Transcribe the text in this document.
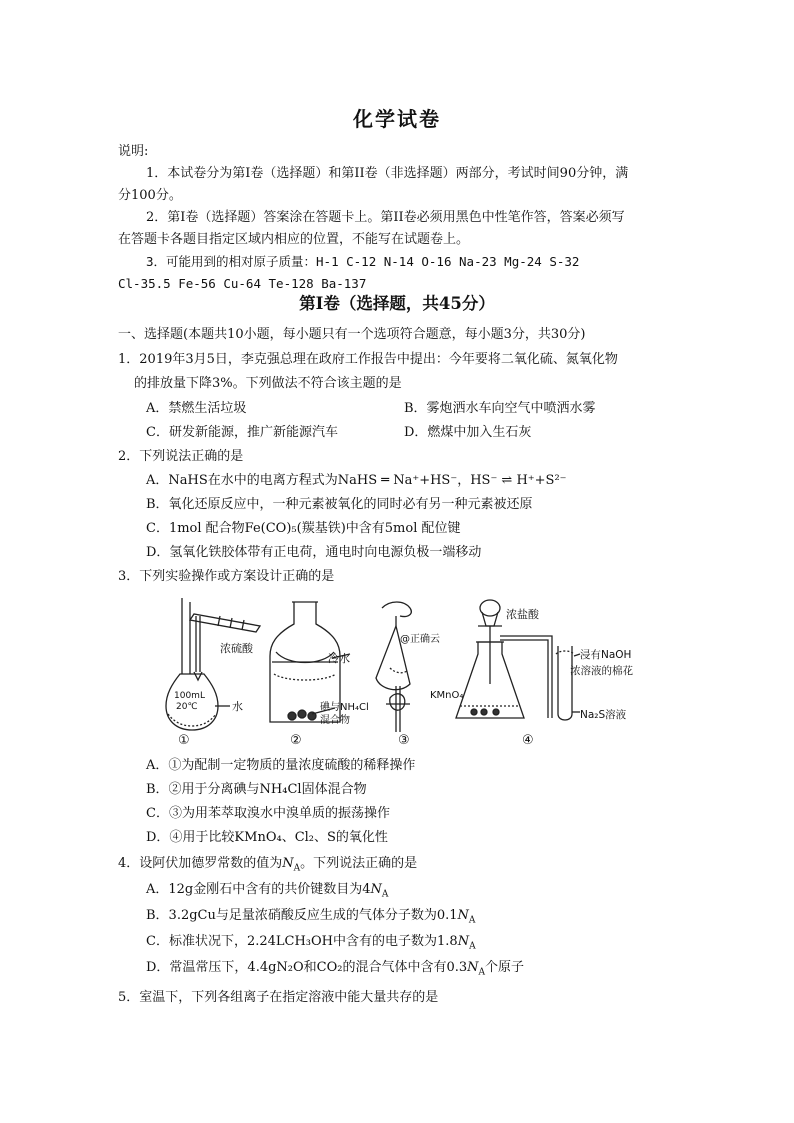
化学试卷
说明:
1．本试卷分为第Ⅰ卷（选择题）和第II卷（非选择题）两部分，考试时间90分钟，满
分100分。
2．第Ⅰ卷（选择题）答案涂在答题卡上。第II卷必须用黑色中性笔作答，答案必须写
在答题卡各题目指定区域内相应的位置，不能写在试题卷上。
3．可能用到的相对原子质量：H-1 C-12 N-14 O-16 Na-23 Mg-24 S-32
Cl-35.5 Fe-56 Cu-64 Te-128 Ba-137
第Ⅰ卷（选择题，共45分）
一、选择题(本题共10小题，每小题只有一个选项符合题意，每小题3分，共30分)
1．2019年3月5日，李克强总理在政府工作报告中提出：今年要将二氧化硫、氮氧化物
的排放量下降3%。下列做法不符合该主题的是
A．禁燃生活垃圾	B．雾炮洒水车向空气中喷洒水雾
C．研发新能源，推广新能源汽车	D．燃煤中加入生石灰
2．下列说法正确的是
A．NaHS在水中的电离方程式为NaHS ═ Na⁺+HS⁻，HS⁻ ⇌ H⁺+S²⁻
B．氧化还原反应中，一种元素被氧化的同时必有另一种元素被还原
C．1mol 配合物Fe(CO)₅(羰基铁)中含有5mol 配位键
D．氢氧化铁胶体带有正电荷，通电时向电源负极一端移动
3．下列实验操作或方案设计正确的是
浓硫酸
100mL
20℃	水
冷水
碘与NH₄Cl
混合物
@正确云
浓盐酸
浸有NaOH
浓溶液的棉花
KMnO₄
Na₂S溶液
①	②	③	④
A．①为配制一定物质的量浓度硫酸的稀释操作
B．②用于分离碘与NH₄Cl固体混合物
C．③为用苯萃取溴水中溴单质的振荡操作
D．④用于比较KMnO₄、Cl₂、S的氧化性
4．设阿伏加德罗常数的值为$N_A$。下列说法正确的是
A．12g金刚石中含有的共价键数目为$4N_A$
B．3.2gCu与足量浓硝酸反应生成的气体分子数为$0.1N_A$
C．标准状况下，2.24LCH₃OH中含有的电子数为$1.8N_A$
D．常温常压下，4.4gN₂O和CO₂的混合气体中含有$0.3N_A$个原子
5．室温下，下列各组离子在指定溶液中能大量共存的是
